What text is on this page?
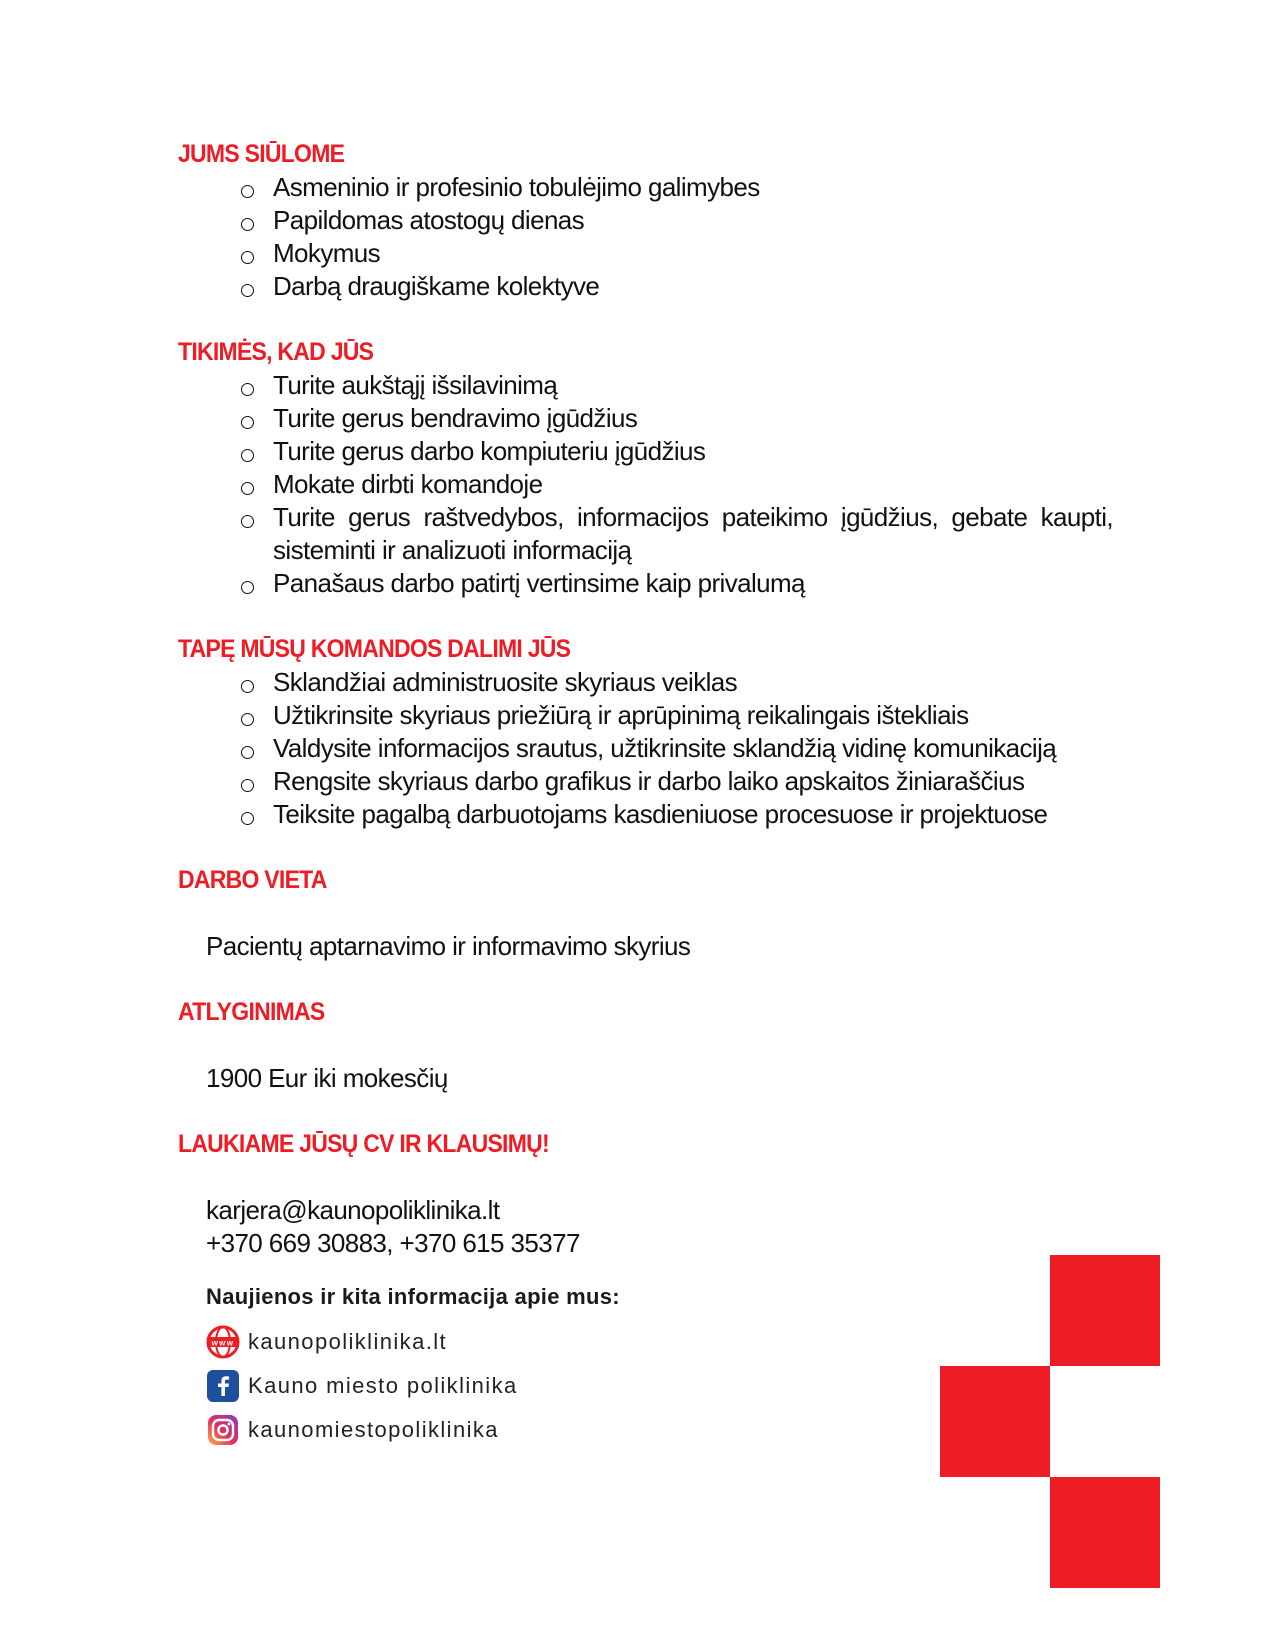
JUMS SIŪLOME
Asmeninio ir profesinio tobulėjimo galimybes
Papildomas atostogų dienas
Mokymus
Darbą draugiškame kolektyve
TIKIMĖS, KAD JŪS
Turite aukštąjį išsilavinimą
Turite gerus bendravimo įgūdžius
Turite gerus darbo kompiuteriu įgūdžius
Mokate dirbti komandoje
Turite gerus raštvedybos, informacijos pateikimo įgūdžius, gebate kaupti, sisteminti ir analizuoti informaciją
Panašaus darbo patirtį vertinsime kaip privalumą
TAPĘ MŪSŲ KOMANDOS DALIMI JŪS
Sklandžiai administruosite skyriaus veiklas
Užtikrinsite skyriaus priežiūrą ir aprūpinimą reikalingais ištekliais
Valdysite informacijos srautus, užtikrinsite sklandžią vidinę komunikaciją
Rengsite skyriaus darbo grafikus ir darbo laiko apskaitos žiniaraščius
Teiksite pagalbą darbuotojams kasdieniuose procesuose ir projektuose
DARBO VIETA
Pacientų aptarnavimo ir informavimo skyrius
ATLYGINIMAS
1900 Eur iki mokesčių
LAUKIAME JŪSŲ CV IR KLAUSIMŲ!
karjera@kaunopoliklinika.lt
+370 669 30883, +370 615 35377
Naujienos ir kita informacija apie mus:
www kaunopoliklinika.lt
Kauno miesto poliklinika
kaunomiestopoliklinika
